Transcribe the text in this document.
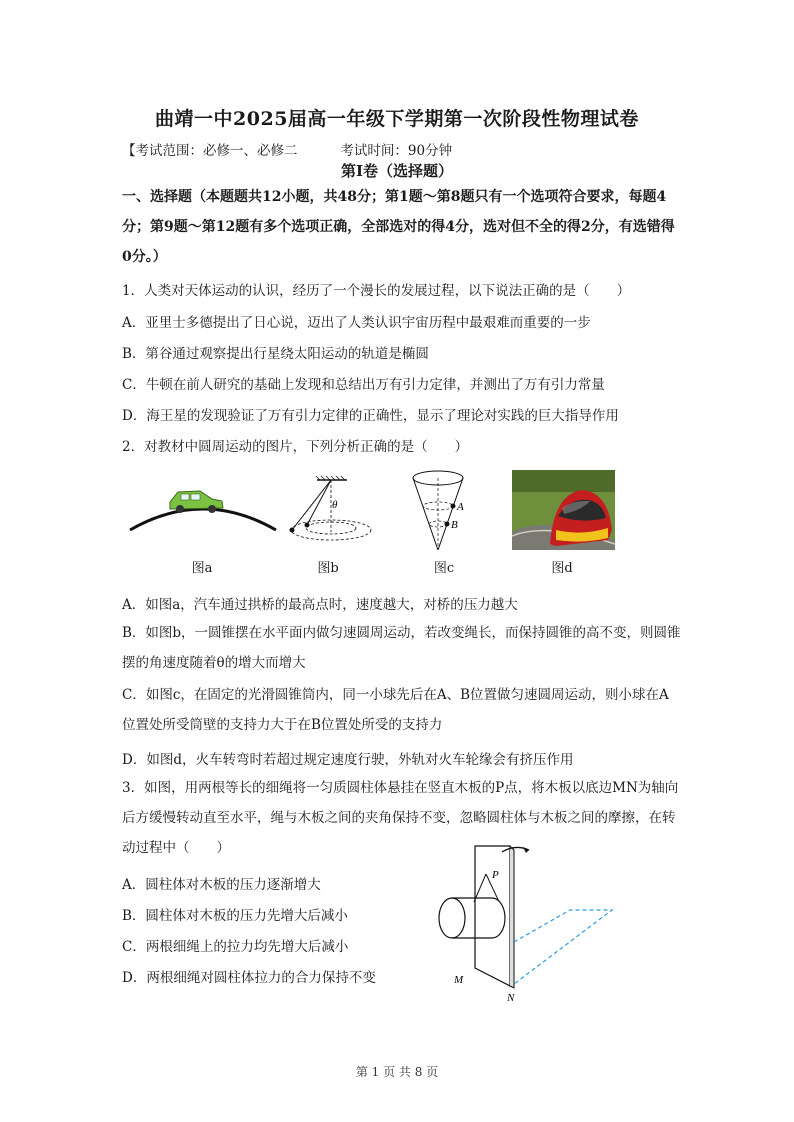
曲靖一中2025届高一年级下学期第一次阶段性物理试卷
【考试范围：必修一、必修二          考试时间：90分钟
第Ⅰ卷（选择题）
一、选择题（本题题共12小题，共48分；第1题～第8题只有一个选项符合要求，每题4分；第9题～第12题有多个选项正确，全部选对的得4分，选对但不全的得2分，有选错得0分。）
1．人类对天体运动的认识，经历了一个漫长的发展过程，以下说法正确的是（　　）
A．亚里士多德提出了日心说，迈出了人类认识宇宙历程中最艰难而重要的一步
B．第谷通过观察提出行星绕太阳运动的轨道是椭圆
C．牛顿在前人研究的基础上发现和总结出万有引力定律，并测出了万有引力常量
D．海王星的发现验证了万有引力定律的正确性，显示了理论对实践的巨大指导作用
2．对教材中圆周运动的图片，下列分析正确的是（　　）
θ	A
B
图a	图b	图c	图d
A．如图a，汽车通过拱桥的最高点时，速度越大，对桥的压力越大
B．如图b，一圆锥摆在水平面内做匀速圆周运动，若改变绳长，而保持圆锥的高不变，则圆锥摆的角速度随着θ的增大而增大
C．如图c，在固定的光滑圆锥筒内，同一小球先后在A、B位置做匀速圆周运动，则小球在A位置处所受筒壁的支持力大于在B位置处所受的支持力
D．如图d，火车转弯时若超过规定速度行驶，外轨对火车轮缘会有挤压作用
3．如图，用两根等长的细绳将一匀质圆柱体悬挂在竖直木板的P点，将木板以底边MN为轴向后方缓慢转动直至水平，绳与木板之间的夹角保持不变，忽略圆柱体与木板之间的摩擦，在转动过程中（　　）
A．圆柱体对木板的压力逐渐增大
B．圆柱体对木板的压力先增大后减小
C．两根细绳上的拉力均先增大后减小
D．两根细绳对圆柱体拉力的合力保持不变
P
M
N
第 1 页 共 8 页
